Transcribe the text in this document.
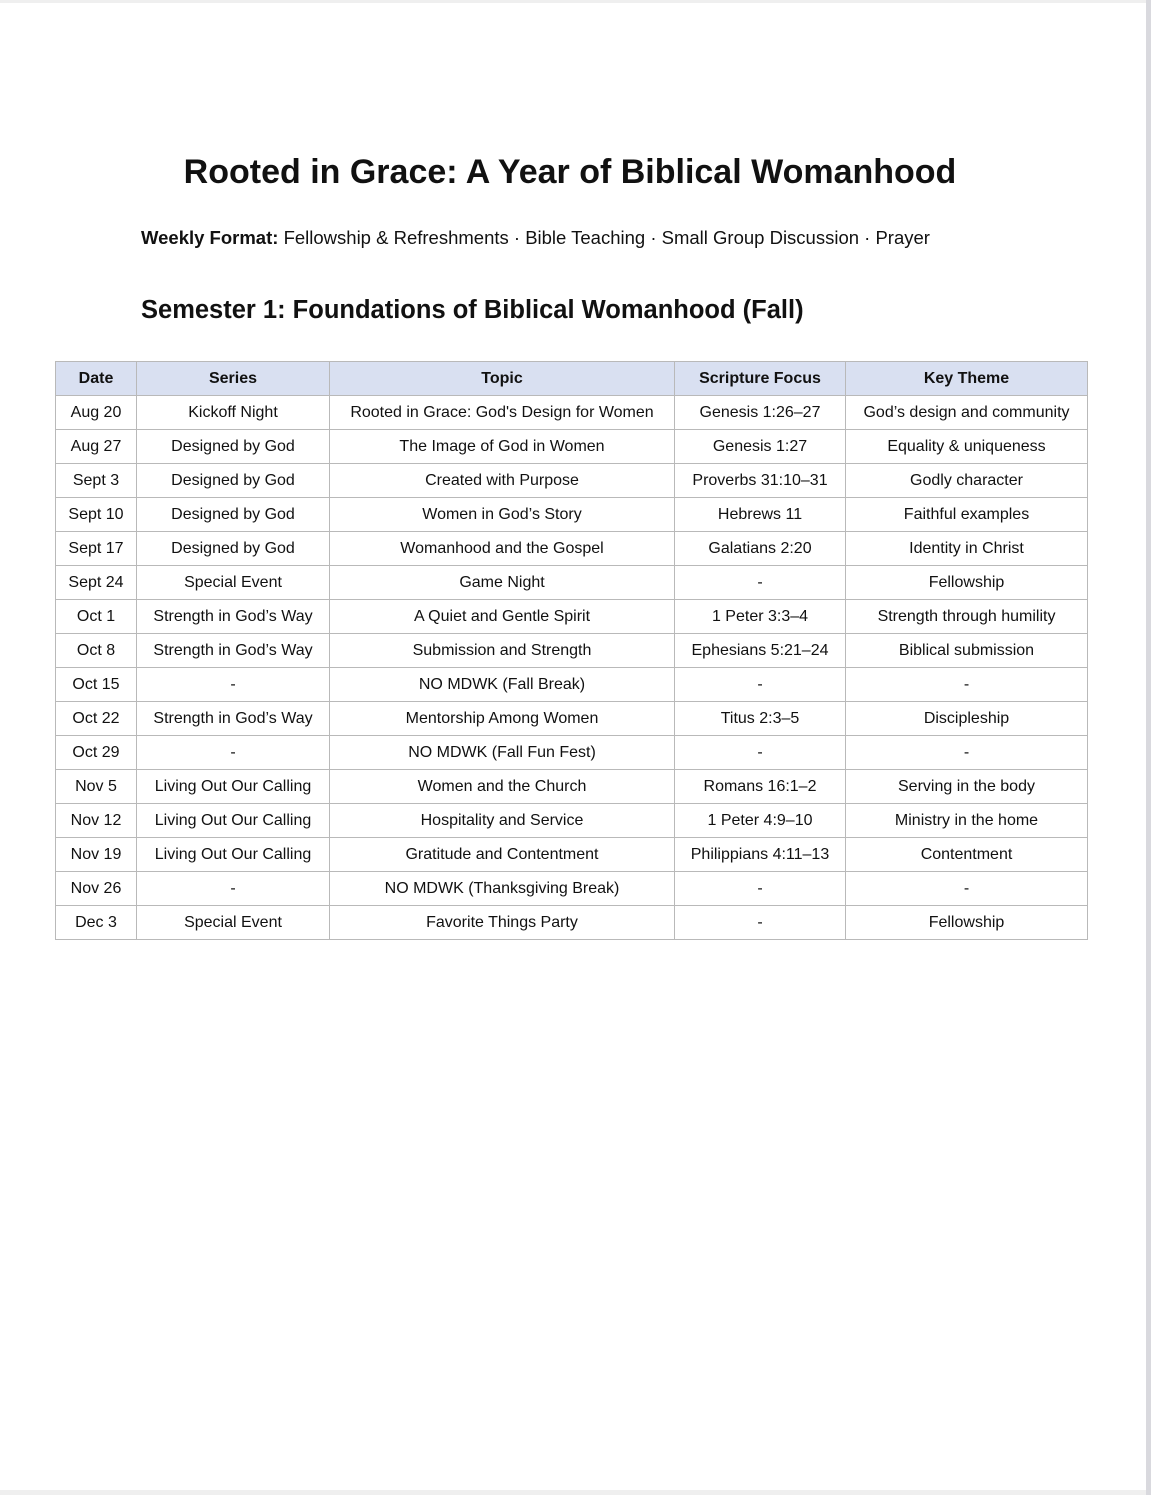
Rooted in Grace: A Year of Biblical Womanhood
Weekly Format: Fellowship & Refreshments · Bible Teaching · Small Group Discussion · Prayer
Semester 1: Foundations of Biblical Womanhood (Fall)
Date	Series	Topic	Scripture Focus	Key Theme
Aug 20	Kickoff Night	Rooted in Grace: God's Design for Women	Genesis 1:26–27	God’s design and community
Aug 27	Designed by God	The Image of God in Women	Genesis 1:27	Equality & uniqueness
Sept 3	Designed by God	Created with Purpose	Proverbs 31:10–31	Godly character
Sept 10	Designed by God	Women in God’s Story	Hebrews 11	Faithful examples
Sept 17	Designed by God	Womanhood and the Gospel	Galatians 2:20	Identity in Christ
Sept 24	Special Event	Game Night	-	Fellowship
Oct 1	Strength in God’s Way	A Quiet and Gentle Spirit	1 Peter 3:3–4	Strength through humility
Oct 8	Strength in God’s Way	Submission and Strength	Ephesians 5:21–24	Biblical submission
Oct 15	-	NO MDWK (Fall Break)	-	-
Oct 22	Strength in God’s Way	Mentorship Among Women	Titus 2:3–5	Discipleship
Oct 29	-	NO MDWK (Fall Fun Fest)	-	-
Nov 5	Living Out Our Calling	Women and the Church	Romans 16:1–2	Serving in the body
Nov 12	Living Out Our Calling	Hospitality and Service	1 Peter 4:9–10	Ministry in the home
Nov 19	Living Out Our Calling	Gratitude and Contentment	Philippians 4:11–13	Contentment
Nov 26	-	NO MDWK (Thanksgiving Break)	-	-
Dec 3	Special Event	Favorite Things Party	-	Fellowship
